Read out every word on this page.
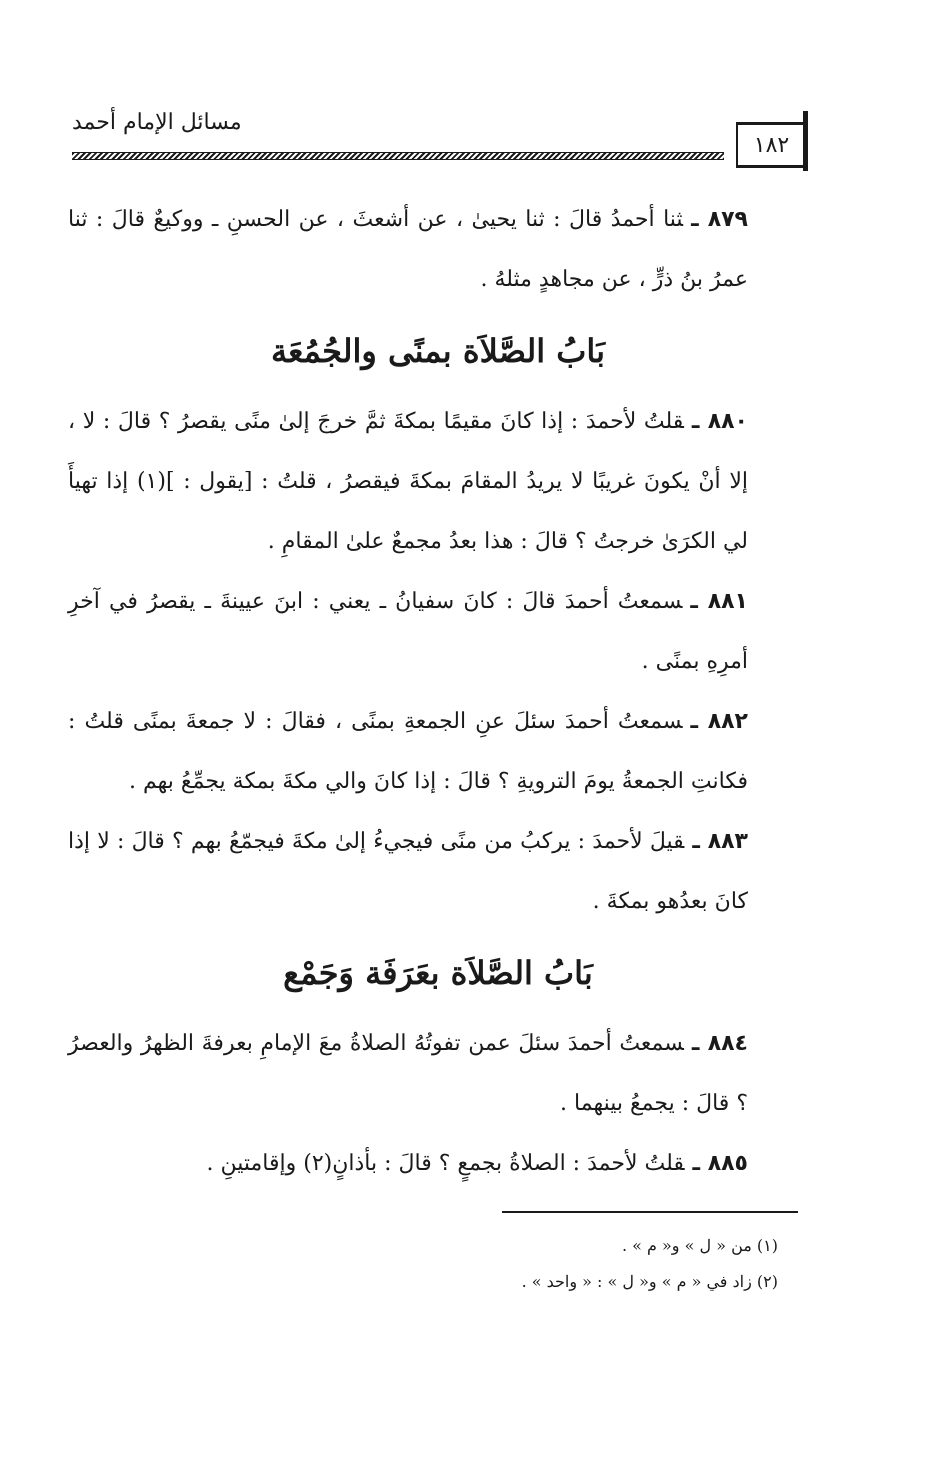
مسائل الإمام أحمد
١٨٢

٨٧٩ ـثنا أحمدُ قالَ : ثنا يحيىٰ ، عن أشعثَ ، عن الحسنِ ـ ووكيعٌ قالَ : ثنا عمرُ بنُ ذرٍّ ، عن مجاهدٍ مثلهُ .

بَابُ الصَّلاَة بمنًى والجُمُعَة

٨٨٠ ـقلتُ لأحمدَ : إذا كانَ مقيمًا بمكةَ ثمَّ خرجَ إلىٰ منًى يقصرُ ؟ قالَ : لا ، إلا أنْ يكونَ غريبًا لا يريدُ المقامَ بمكةَ فيقصرُ ، قلتُ : [يقول : ](١) إذا تهيأَ لي الكرَىٰ خرجتُ ؟ قالَ : هذا بعدُ مجمعٌ علىٰ المقامِ .

٨٨١ ـسمعتُ أحمدَ قالَ : كانَ سفيانُ ـ يعني : ابنَ عيينةَ ـ يقصرُ في آخرِ أمرِهِ بمنًى .

٨٨٢ ـسمعتُ أحمدَ سئلَ عنِ الجمعةِ بمنًى ، فقالَ : لا جمعةَ بمنًى قلتُ : فكانتِ الجمعةُ يومَ الترويةِ ؟ قالَ : إذا كانَ والي مكةَ بمكة يجمِّعُ بهم .

٨٨٣ ـقيلَ لأحمدَ : يركبُ من منًى فيجيءُ إلىٰ مكةَ فيجمّعُ بهم ؟ قالَ : لا إذا كانَ بعدُهو بمكةَ .

بَابُ الصَّلاَة بعَرَفَة وَجَمْع

٨٨٤ ـسمعتُ أحمدَ سئلَ عمن تفوتُهُ الصلاةُ معَ الإمامِ بعرفةَ الظهرُ والعصرُ ؟ قالَ : يجمعُ بينهما .

٨٨٥ ـقلتُ لأحمدَ : الصلاةُ بجمعٍ ؟ قالَ : بأذانٍ(٢) وإقامتينِ .

(١) من « ل » و« م » .

(٢) زاد في « م » و« ل » : « واحد » .
